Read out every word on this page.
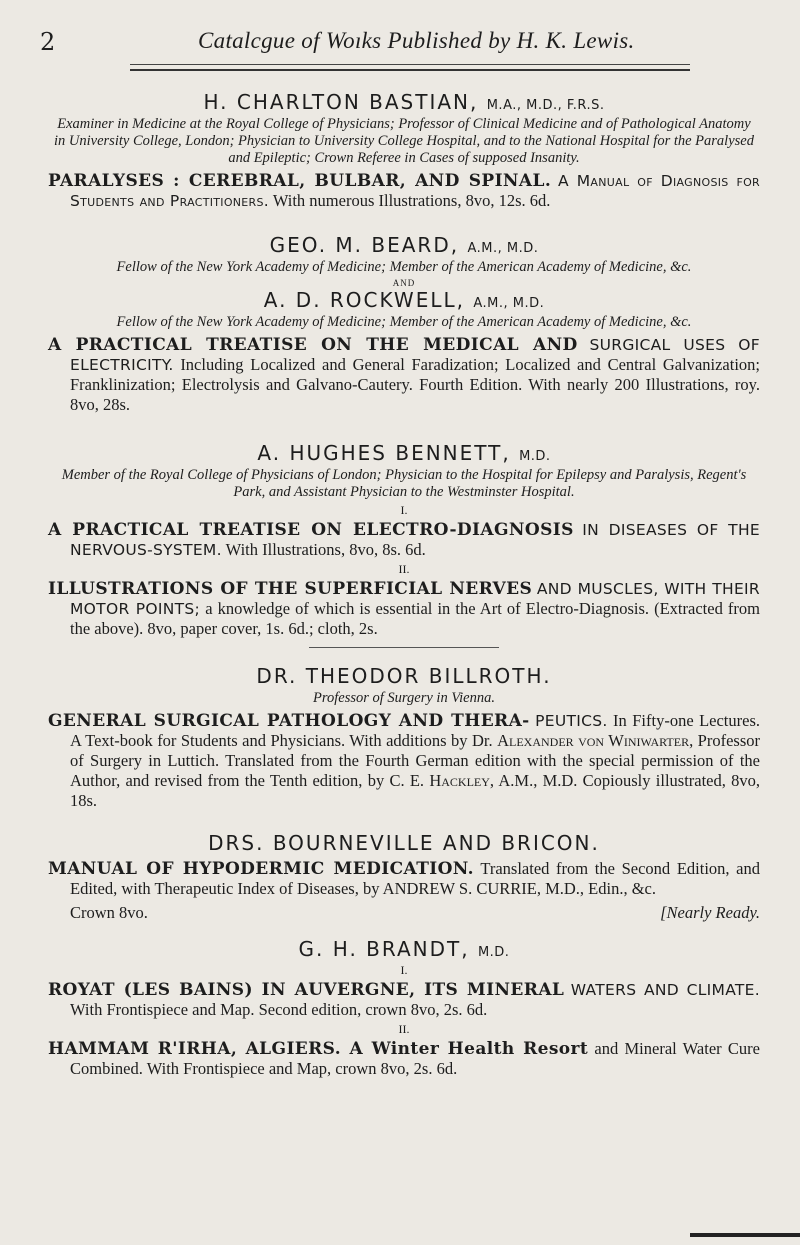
2	Catalcgue of Woıks Published by H. K. Lewis.
H. CHARLTON BASTIAN, M.A., M.D., F.R.S.
Examiner in Medicine at the Royal College of Physicians; Professor of Clinical Medicine and of Pathological Anatomy in University College, London; Physician to University College Hospital, and to the National Hospital for the Paralysed and Epileptic; Crown Referee in Cases of supposed Insanity.
PARALYSES : CEREBRAL, BULBAR, AND SPINAL. A Manual of Diagnosis for Students and Practitioners. With numerous Illustrations, 8vo, 12s. 6d.
GEO. M. BEARD, A.M., M.D.
Fellow of the New York Academy of Medicine; Member of the American Academy of Medicine, &c.
AND
A. D. ROCKWELL, A.M., M.D.
Fellow of the New York Academy of Medicine; Member of the American Academy of Medicine, &c.
A PRACTICAL TREATISE ON THE MEDICAL AND SURGICAL USES OF ELECTRICITY. Including Localized and General Faradization; Localized and Central Galvanization; Franklinization; Electrolysis and Galvano-Cautery. Fourth Edition. With nearly 200 Illustrations, roy. 8vo, 28s.
A. HUGHES BENNETT, M.D.
Member of the Royal College of Physicians of London; Physician to the Hospital for Epilepsy and Paralysis, Regent's Park, and Assistant Physician to the Westminster Hospital.
I.
A PRACTICAL TREATISE ON ELECTRO-DIAGNOSIS IN DISEASES OF THE NERVOUS-SYSTEM. With Illustrations, 8vo, 8s. 6d.
II.
ILLUSTRATIONS OF THE SUPERFICIAL NERVES AND MUSCLES, WITH THEIR MOTOR POINTS; a knowledge of which is essential in the Art of Electro-Diagnosis. (Extracted from the above). 8vo, paper cover, 1s. 6d.; cloth, 2s.
DR. THEODOR BILLROTH.
Professor of Surgery in Vienna.
GENERAL SURGICAL PATHOLOGY AND THERA- PEUTICS. In Fifty-one Lectures. A Text-book for Students and Physicians. With additions by Dr. Alexander von Winiwarter, Professor of Surgery in Luttich. Translated from the Fourth German edition with the special permission of the Author, and revised from the Tenth edition, by C. E. Hackley, A.M., M.D. Copiously illustrated, 8vo, 18s.
DRS. BOURNEVILLE AND BRICON.
MANUAL OF HYPODERMIC MEDICATION. Translated from the Second Edition, and Edited, with Therapeutic Index of Diseases, by ANDREW S. CURRIE, M.D., Edin., &c.
Crown 8vo.	[Nearly Ready.
G. H. BRANDT, M.D.
I.
ROYAT (LES BAINS) IN AUVERGNE, ITS MINERAL WATERS AND CLIMATE. With Frontispiece and Map. Second edition, crown 8vo, 2s. 6d.
II.
HAMMAM R'IRHA, ALGIERS. A Winter Health Resort and Mineral Water Cure Combined. With Frontispiece and Map, crown 8vo, 2s. 6d.
